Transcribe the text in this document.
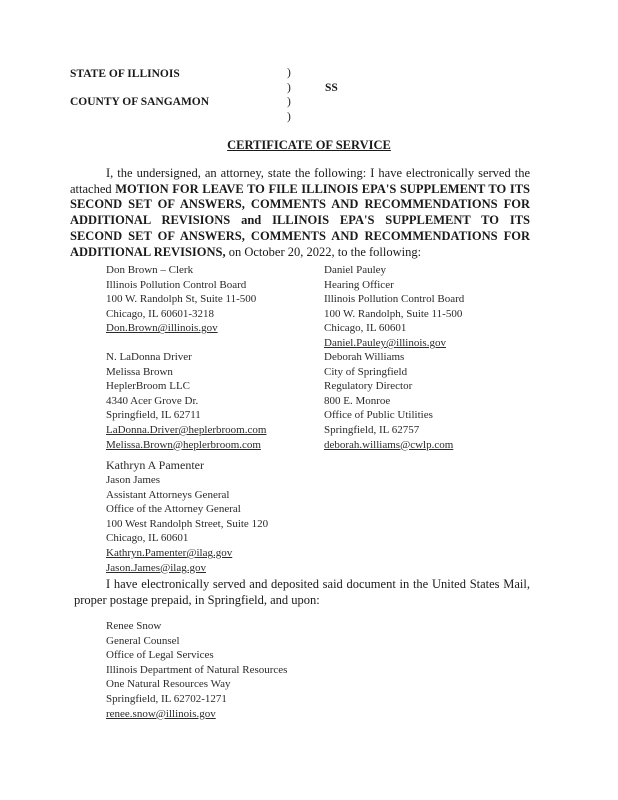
STATE OF ILLINOIS
COUNTY OF SANGAMON
)
)
)
)
SS
CERTIFICATE OF SERVICE
I, the undersigned, an attorney, state the following: I have electronically served the attached MOTION FOR LEAVE TO FILE ILLINOIS EPA'S SUPPLEMENT TO ITS SECOND SET OF ANSWERS, COMMENTS AND RECOMMENDATIONS FOR ADDITIONAL REVISIONS and ILLINOIS EPA'S SUPPLEMENT TO ITS SECOND SET OF ANSWERS, COMMENTS AND RECOMMENDATIONS FOR ADDITIONAL REVISIONS, on October 20, 2022, to the following:
Don Brown – Clerk
Illinois Pollution Control Board
100 W. Randolph St, Suite 11-500
Chicago, IL 60601-3218
Don.Brown@illinois.gov
Daniel Pauley
Hearing Officer
Illinois Pollution Control Board
100 W. Randolph, Suite 11-500
Chicago, IL 60601
Daniel.Pauley@illinois.gov
N. LaDonna Driver
Melissa Brown
HeplerBroom LLC
4340 Acer Grove Dr.
Springfield, IL 62711
LaDonna.Driver@heplerbroom.com
Melissa.Brown@heplerbroom.com
Deborah Williams
City of Springfield
Regulatory Director
800 E. Monroe
Office of Public Utilities
Springfield, IL 62757
deborah.williams@cwlp.com
Kathryn A Pamenter
Jason James
Assistant Attorneys General
Office of the Attorney General
100 West Randolph Street, Suite 120
Chicago, IL 60601
Kathryn.Pamenter@ilag.gov
Jason.James@ilag.gov
I have electronically served and deposited said document in the United States Mail, proper postage prepaid, in Springfield, and upon:
Renee Snow
General Counsel
Office of Legal Services
Illinois Department of Natural Resources
One Natural Resources Way
Springfield, IL 62702-1271
renee.snow@illinois.gov
